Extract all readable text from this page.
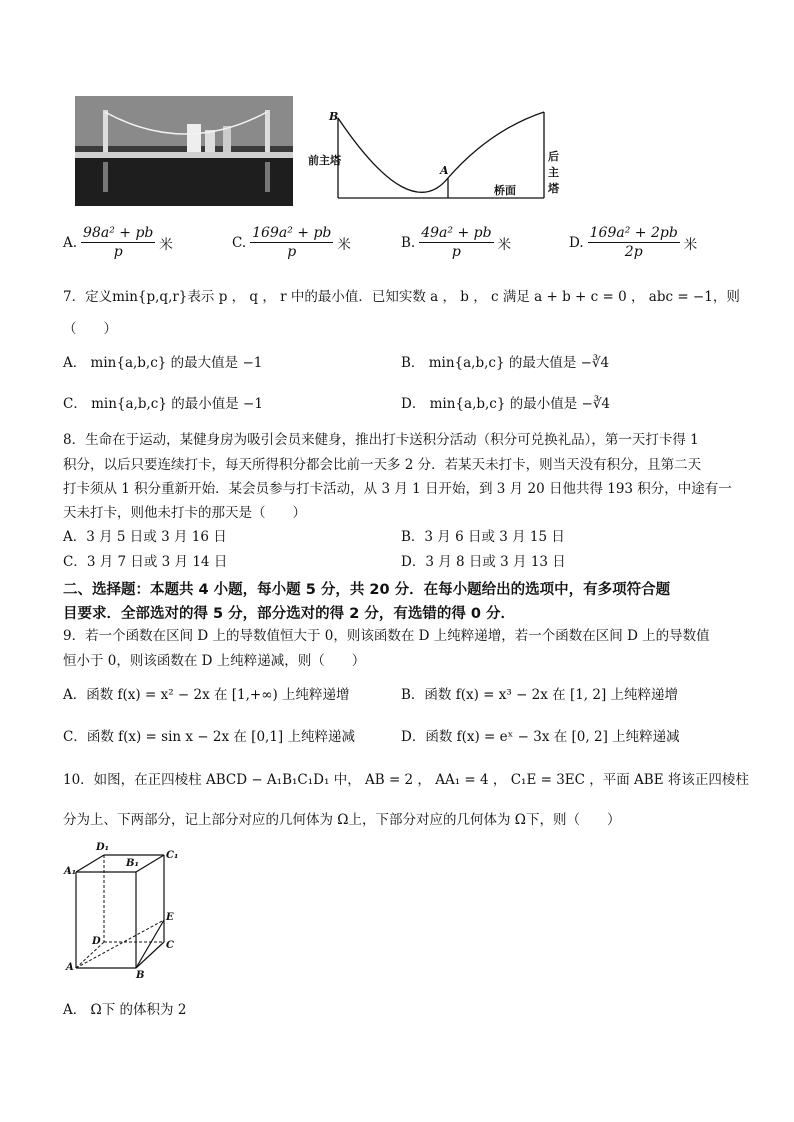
B
A
前主塔	后主塔
桥面
A. $\frac{\text{98a² + pb}}{p}$ 米	C. $\frac{\text{169a² + pb}}{p}$ 米	B. $\frac{\text{49a² + pb}}{p}$ 米	D. $\frac{\text{169a² + 2pb}}{2p}$ 米
7．定义min{p,q,r}表示 p ， q ， r 中的最小值．已知实数 a ， b ， c 满足 a + b + c = 0 ， abc = −1，则
（　　）
A． min{a,b,c} 的最大值是 −1	B． min{a,b,c} 的最大值是 −∛4
C． min{a,b,c} 的最小值是 −1	D． min{a,b,c} 的最小值是 −∛4
8．生命在于运动，某健身房为吸引会员来健身，推出打卡送积分活动（积分可兑换礼品），第一天打卡得 1
积分，以后只要连续打卡，每天所得积分都会比前一天多 2 分．若某天未打卡，则当天没有积分，且第二天
打卡须从 1 积分重新开始．某会员参与打卡活动，从 3 月 1 日开始，到 3 月 20 日他共得 193 积分，中途有一
天未打卡，则他未打卡的那天是（　　）
A．3 月 5 日或 3 月 16 日	B．3 月 6 日或 3 月 15 日
C．3 月 7 日或 3 月 14 日	D．3 月 8 日或 3 月 13 日
二、选择题：本题共 4 小题，每小题 5 分，共 20 分．在每小题给出的选项中，有多项符合题
目要求．全部选对的得 5 分，部分选对的得 2 分，有选错的得 0 分．
9．若一个函数在区间 D 上的导数值恒大于 0，则该函数在 D 上纯粹递增，若一个函数在区间 D 上的导数值
恒小于 0，则该函数在 D 上纯粹递减，则（　　）
A．函数 f(x) = x² − 2x 在 [1,+∞) 上纯粹递增	B．函数 f(x) = x³ − 2x 在 [1, 2] 上纯粹递增
C．函数 f(x) = sin x − 2x 在 [0,1] 上纯粹递减	D．函数 f(x) = eˣ − 3x 在 [0, 2] 上纯粹递减
10．如图，在正四棱柱 ABCD − A₁B₁C₁D₁ 中， AB = 2 ， AA₁ = 4 ， C₁E = 3EC ，平面 ABE 将该正四棱柱
分为上、下两部分，记上部分对应的几何体为 Ω上，下部分对应的几何体为 Ω下，则（　　）
D₁
B₁
C₁
A₁
E
D	C
A
B
A． Ω下 的体积为 2
